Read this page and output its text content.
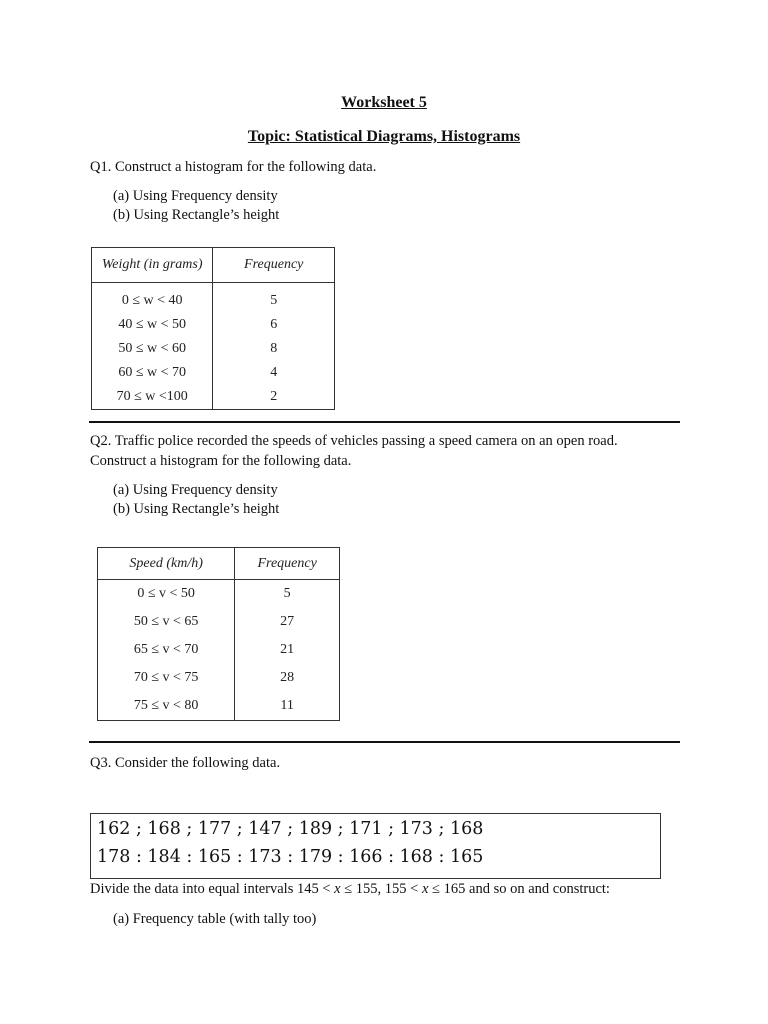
Worksheet 5
Topic: Statistical Diagrams, Histograms
Q1. Construct a histogram for the following data.
(a) Using Frequency density
(b) Using Rectangle’s height
Weight (in grams)	Frequency
0 ≤ w < 40	5
40 ≤ w < 50	6
50 ≤ w < 60	8
60 ≤ w < 70	4
70 ≤ w <100	2
Q2. Traffic police recorded the speeds of vehicles passing a speed camera on an open road.
Construct a histogram for the following data.
(a) Using Frequency density
(b) Using Rectangle’s height
Speed (km/h)	Frequency
0 ≤ v < 50	5
50 ≤ v < 65	27
65 ≤ v < 70	21
70 ≤ v < 75	28
75 ≤ v < 80	11
Q3. Consider the following data.
162 ; 168 ; 177 ; 147 ; 189 ; 171 ; 173 ; 168
178 : 184 : 165 : 173 : 179 : 166 : 168 : 165
Divide the data into equal intervals 145 < x ≤ 155, 155 < x ≤ 165 and so on and construct:
(a) Frequency table (with tally too)
